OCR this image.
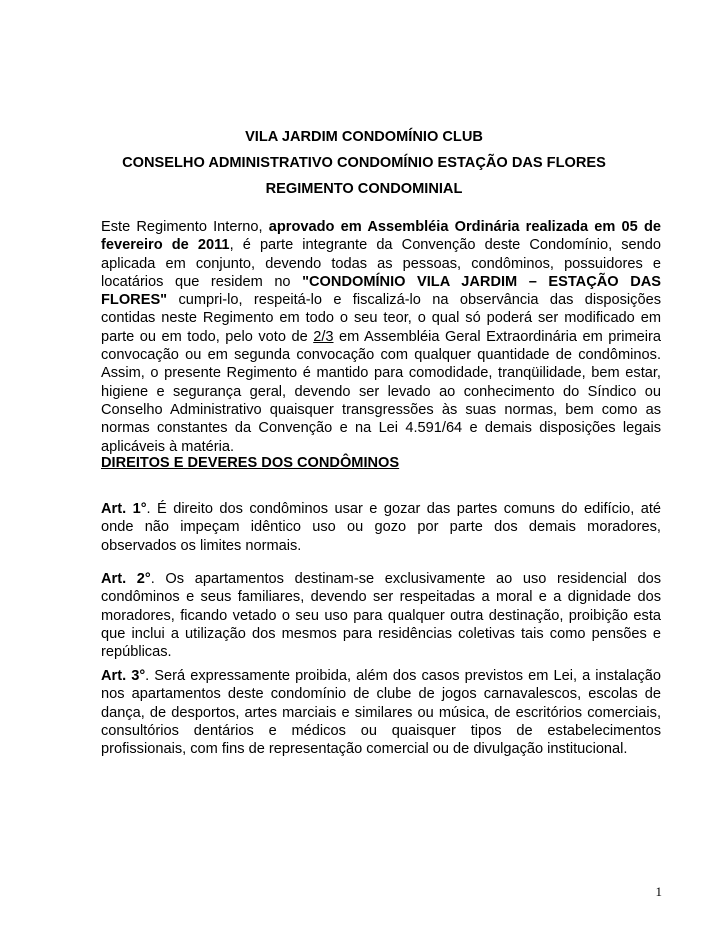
VILA JARDIM CONDOMÍNIO CLUB
CONSELHO ADMINISTRATIVO CONDOMÍNIO ESTAÇÃO DAS FLORES
REGIMENTO CONDOMINIAL

Este Regimento Interno, aprovado em Assembléia Ordinária realizada em 05 de fevereiro de 2011, é parte integrante da Convenção deste Condomínio, sendo aplicada em conjunto, devendo todas as pessoas, condôminos, possuidores e locatários que residem no "CONDOMÍNIO VILA JARDIM – ESTAÇÃO DAS FLORES" cumpri-lo, respeitá-lo e fiscalizá-lo na observância das disposições contidas neste Regimento em todo o seu teor, o qual só poderá ser modificado em parte ou em todo, pelo voto de 2/3 em Assembléia Geral Extraordinária em primeira convocação ou em segunda convocação com qualquer quantidade de condôminos. Assim, o presente Regimento é mantido para comodidade, tranqüilidade, bem estar, higiene e segurança geral, devendo ser levado ao conhecimento do Síndico ou Conselho Administrativo quaisquer transgressões às suas normas, bem como as normas constantes da Convenção e na Lei 4.591/64 e demais disposições legais aplicáveis à matéria.

DIREITOS E DEVERES DOS CONDÔMINOS

Art. 1°. É direito dos condôminos usar e gozar das partes comuns do edifício, até onde não impeçam idêntico uso ou gozo por parte dos demais moradores, observados os limites normais.

Art. 2°. Os apartamentos destinam-se exclusivamente ao uso residencial dos condôminos e seus familiares, devendo ser respeitadas a moral e a dignidade dos moradores, ficando vetado o seu uso para qualquer outra destinação, proibição esta que inclui a utilização dos mesmos para residências coletivas tais como pensões e repúblicas.

Art. 3°. Será expressamente proibida, além dos casos previstos em Lei, a instalação nos apartamentos deste condomínio de clube de jogos carnavalescos, escolas de dança, de desportos, artes marciais e similares ou música, de escritórios comerciais, consultórios dentários e médicos ou quaisquer tipos de estabelecimentos profissionais, com fins de representação comercial ou de divulgação institucional.

1
